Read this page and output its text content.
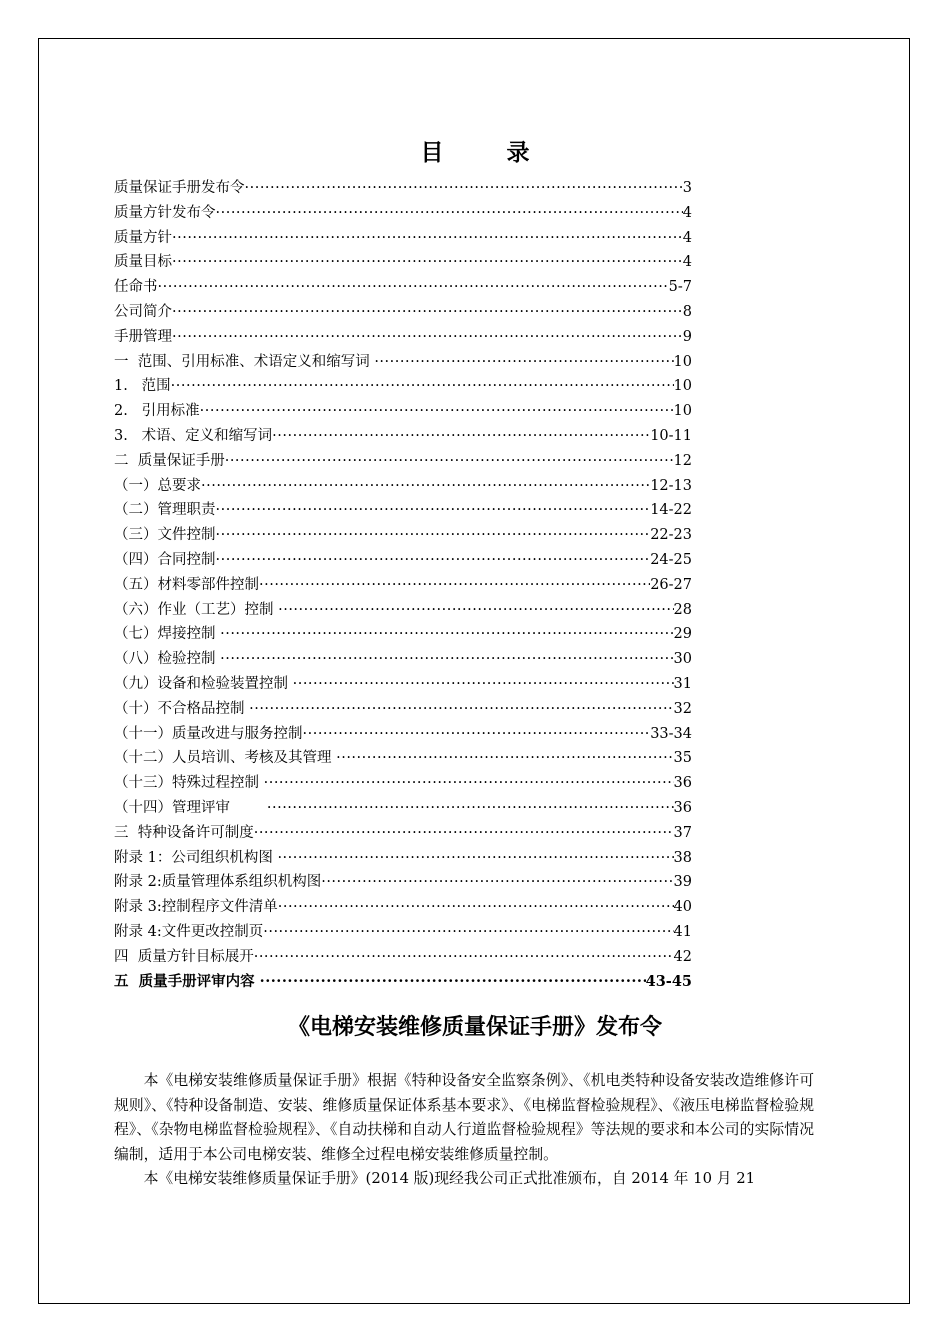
目　录
质量保证手册发布令 ·····	3
质量方针发布令 ·····	4
质量方针 ·····	4
质量目标 ·····	4
任命书 ·····	5-7
公司简介 ·····	8
手册管理 ·····	9
一  范围、引用标准、术语定义和缩写词 ·····	10
1.   范围 ·····	10
2.   引用标准 ·····	10
3.   术语、定义和缩写词 ·····	10-11
二  质量保证手册 ·····	12
（一）总要求 ·····	12-13
（二）管理职责 ·····	14-22
（三）文件控制 ·····	22-23
（四）合同控制 ·····	24-25
（五）材料零部件控制 ·····	26-27
（六）作业（工艺）控制 ·····	28
（七）焊接控制 ·····	29
（八）检验控制 ·····	30
（九）设备和检验装置控制 ·····	31
（十）不合格品控制 ·····	32
（十一）质量改进与服务控制 ·····	33-34
（十二）人员培训、考核及其管理 ·····	35
（十三）特殊过程控制 ·····	36
（十四）管理评审 ·····	36
三  特种设备许可制度 ·····	37
附录 1：公司组织机构图 ·····	38
附录 2:质量管理体系组织机构图 ·····	39
附录 3:控制程序文件清单 ·····	40
附录 4:文件更改控制页 ·····	41
四  质量方针目标展开 ·····	42
五  质量手册评审内容 ·····	43-45
《电梯安装维修质量保证手册》发布令

本《电梯安装维修质量保证手册》根据《特种设备安全监察条例》、《机电类特种设备安装改造维修许可规则》、《特种设备制造、安装、维修质量保证体系基本要求》、《电梯监督检验规程》、《液压电梯监督检验规程》、《杂物电梯监督检验规程》、《自动扶梯和自动人行道监督检验规程》等法规的要求和本公司的实际情况编制，适用于本公司电梯安装、维修全过程电梯安装维修质量控制。

本《电梯安装维修质量保证手册》(2014 版)现经我公司正式批准颁布，自 2014 年 10 月 21
